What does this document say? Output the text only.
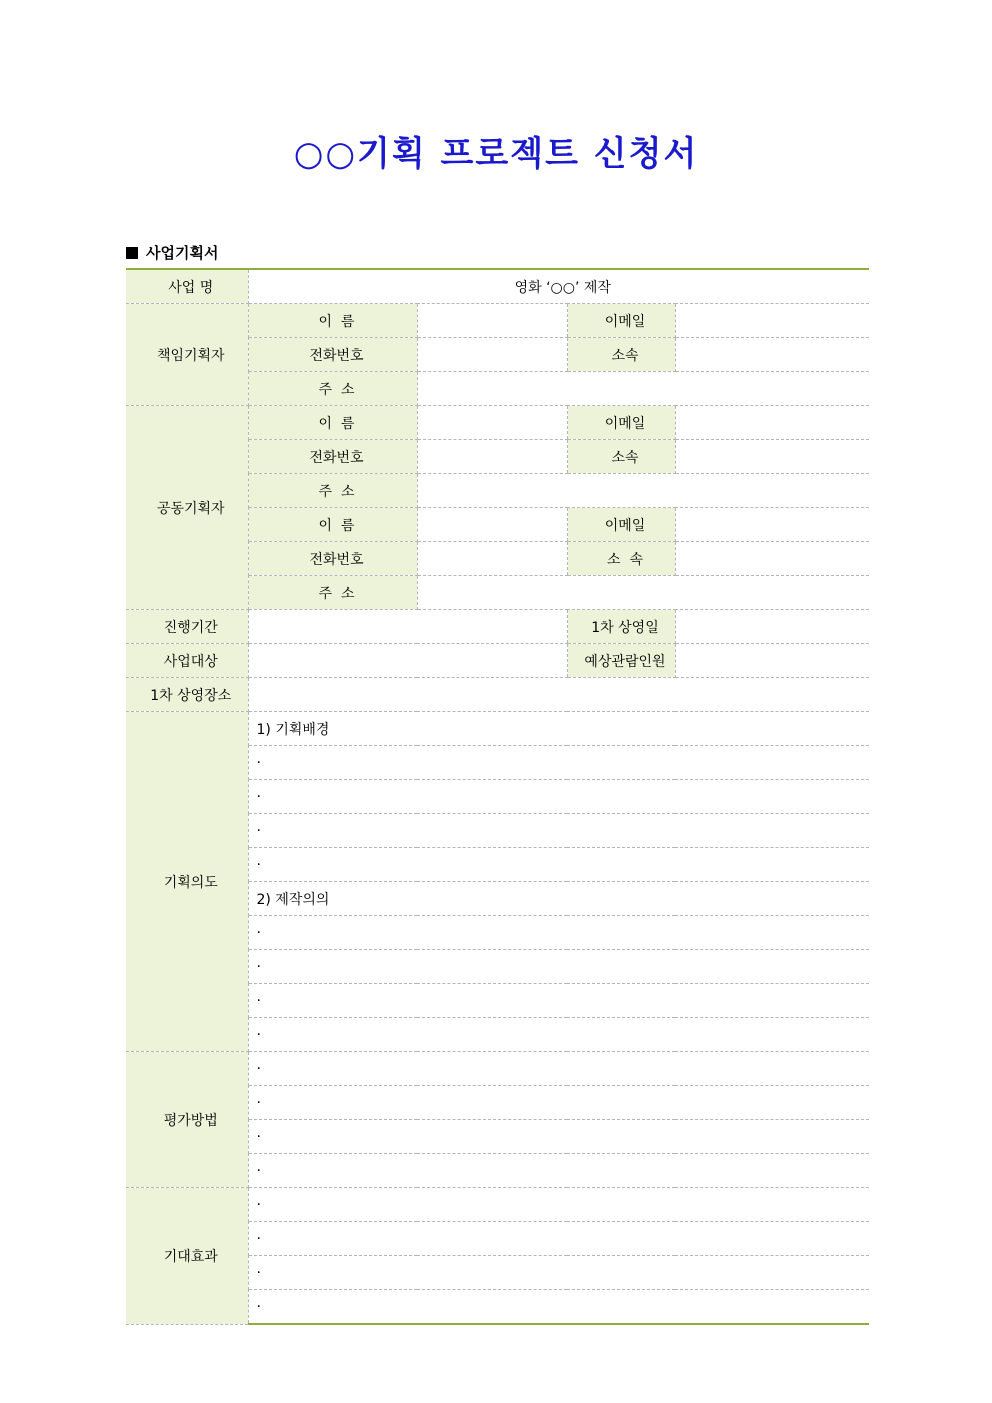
○○기획 프로젝트 신청서
사업기획서
사업 명	영화 ‘○○’ 제작			
책임기획자	이  름		이메일	
	전화번호		소속	
	주  소			
공동기획자	이  름		이메일	
	전화번호		소속	
	주  소			
	이  름		이메일	
	전화번호		소  속	
	주  소			
진행기간			1차 상영일	
사업대상			예상관람인원	
1차 상영장소				
기획의도	1) 기획배경			
	·			
	·			
	·			
	·			
	2) 제작의의			
	·			
	·			
	·			
	·			
평가방법	·			
	·			
	·			
	·			
기대효과	·			
	·			
	·			
	·			
